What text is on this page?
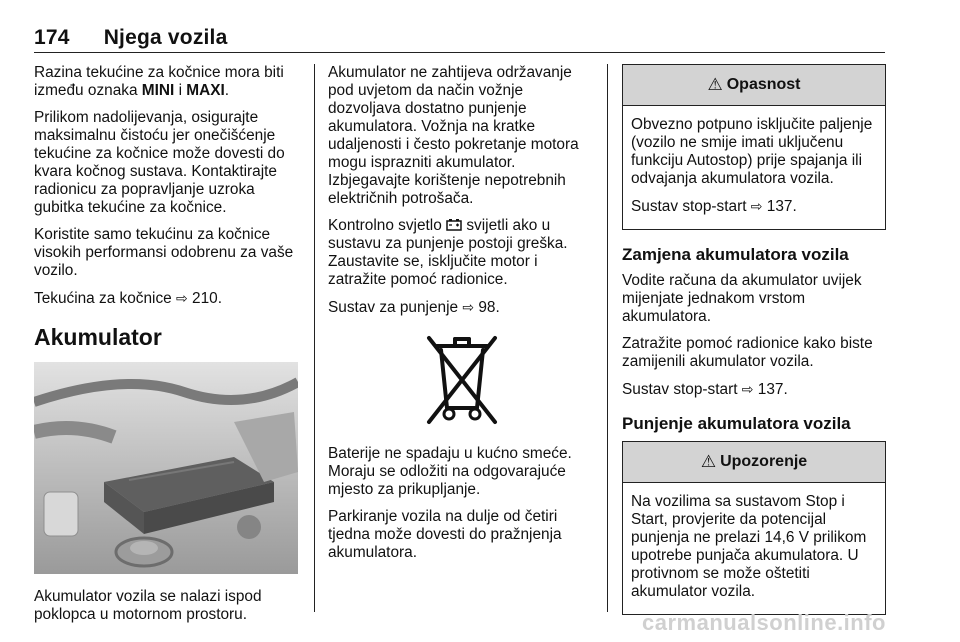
174 Njega vozila

Razina tekućine za kočnice mora biti između oznaka MINI i MAXI.

Prilikom nadolijevanja, osigurajte maksimalnu čistoću jer onečišćenje tekućine za kočnice može dovesti do kvara kočnog sustava. Kontaktirajte radionicu za popravljanje uzroka gubitka tekućine za kočnice.

Koristite samo tekućinu za kočnice visokih performansi odobrenu za vaše vozilo.

Tekućina za kočnice ⇨ 210.

Akumulator

Akumulator vozila se nalazi ispod poklopca u motornom prostoru.

Akumulator ne zahtijeva održavanje pod uvjetom da način vožnje dozvoljava dostatno punjenje akumulatora. Vožnja na kratke udaljenosti i često pokretanje motora mogu isprazniti akumulator. Izbjegavajte korištenje nepotrebnih električnih potrošača.

Kontrolno svjetlo  svijetli ako u sustavu za punjenje postoji greška. Zaustavite se, isključite motor i zatražite pomoć radionice.

Sustav za punjenje ⇨ 98.

Baterije ne spadaju u kućno smeće. Moraju se odložiti na odgovarajuće mjesto za prikupljanje.

Parkiranje vozila na dulje od četiri tjedna može dovesti do pražnjenja akumulatora.

⚠ Opasnost

Obvezno potpuno isključite paljenje (vozilo ne smije imati uključenu funkciju Autostop) prije spajanja ili odvajanja akumulatora vozila.

Sustav stop-start ⇨ 137.

Zamjena akumulatora vozila

Vodite računa da akumulator uvijek mijenjate jednakom vrstom akumulatora.

Zatražite pomoć radionice kako biste zamijenili akumulator vozila.

Sustav stop-start ⇨ 137.

Punjenje akumulatora vozila
⚠ Upozorenje

Na vozilima sa sustavom Stop i Start, provjerite da potencijal punjenja ne prelazi 14,6 V prilikom upotrebe punjača akumulatora. U protivnom se može oštetiti akumulator vozila.

carmanualsonline.info
